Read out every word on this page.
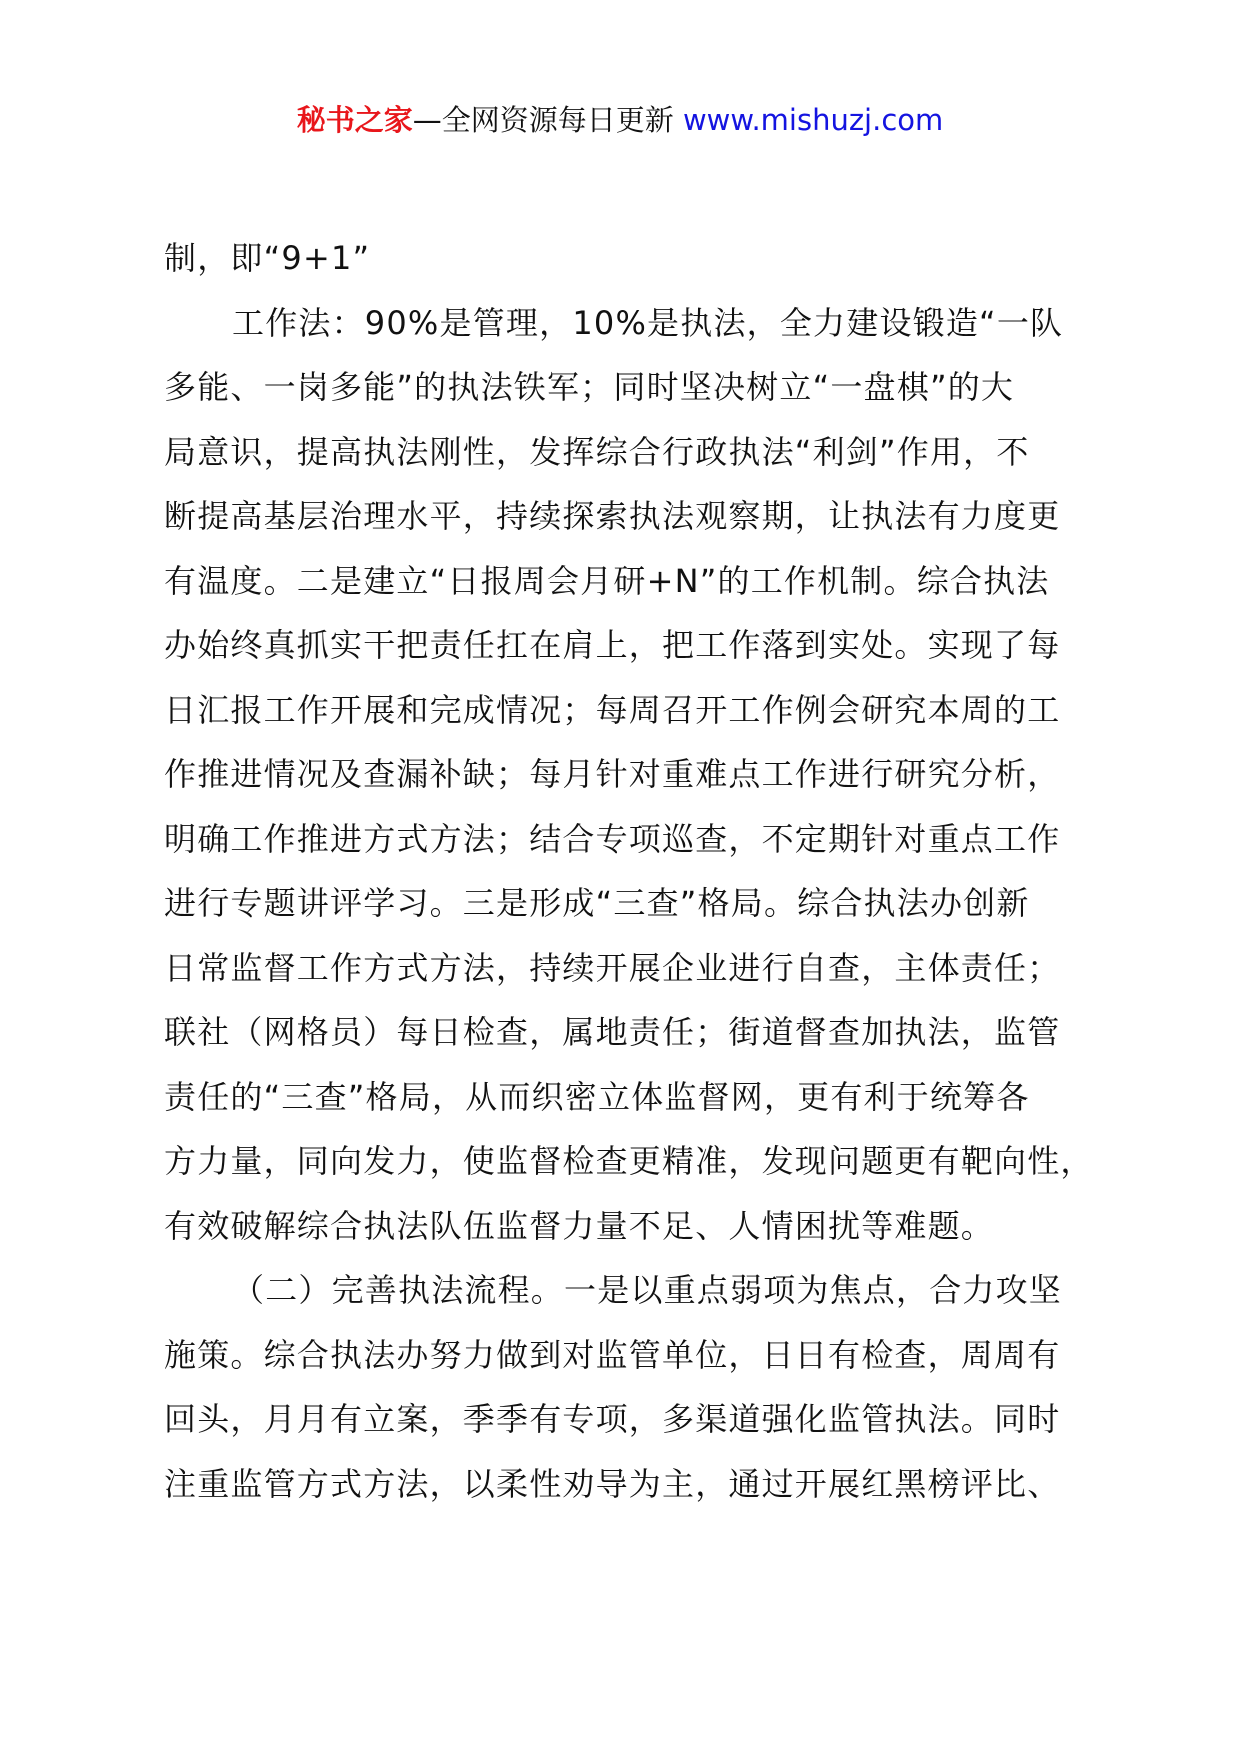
秘书之家—全网资源每日更新 www.mishuzj.com
制，即“9+1”
工作法：90%是管理，10%是执法，全力建设锻造“一队
多能、一岗多能”的执法铁军；同时坚决树立“一盘棋”的大
局意识，提高执法刚性，发挥综合行政执法“利剑”作用，不
断提高基层治理水平，持续探索执法观察期，让执法有力度更
有温度。二是建立“日报周会月研+N”的工作机制。综合执法
办始终真抓实干把责任扛在肩上，把工作落到实处。实现了每
日汇报工作开展和完成情况；每周召开工作例会研究本周的工
作推进情况及查漏补缺；每月针对重难点工作进行研究分析，
明确工作推进方式方法；结合专项巡查，不定期针对重点工作
进行专题讲评学习。三是形成“三查”格局。综合执法办创新
日常监督工作方式方法，持续开展企业进行自查，主体责任；
联社（网格员）每日检查，属地责任；街道督查加执法，监管
责任的“三查”格局，从而织密立体监督网，更有利于统筹各
方力量，同向发力，使监督检查更精准，发现问题更有靶向性，
有效破解综合执法队伍监督力量不足、人情困扰等难题。
（二）完善执法流程。一是以重点弱项为焦点，合力攻坚
施策。综合执法办努力做到对监管单位，日日有检查，周周有
回头，月月有立案，季季有专项，多渠道强化监管执法。同时
注重监管方式方法，以柔性劝导为主，通过开展红黑榜评比、
